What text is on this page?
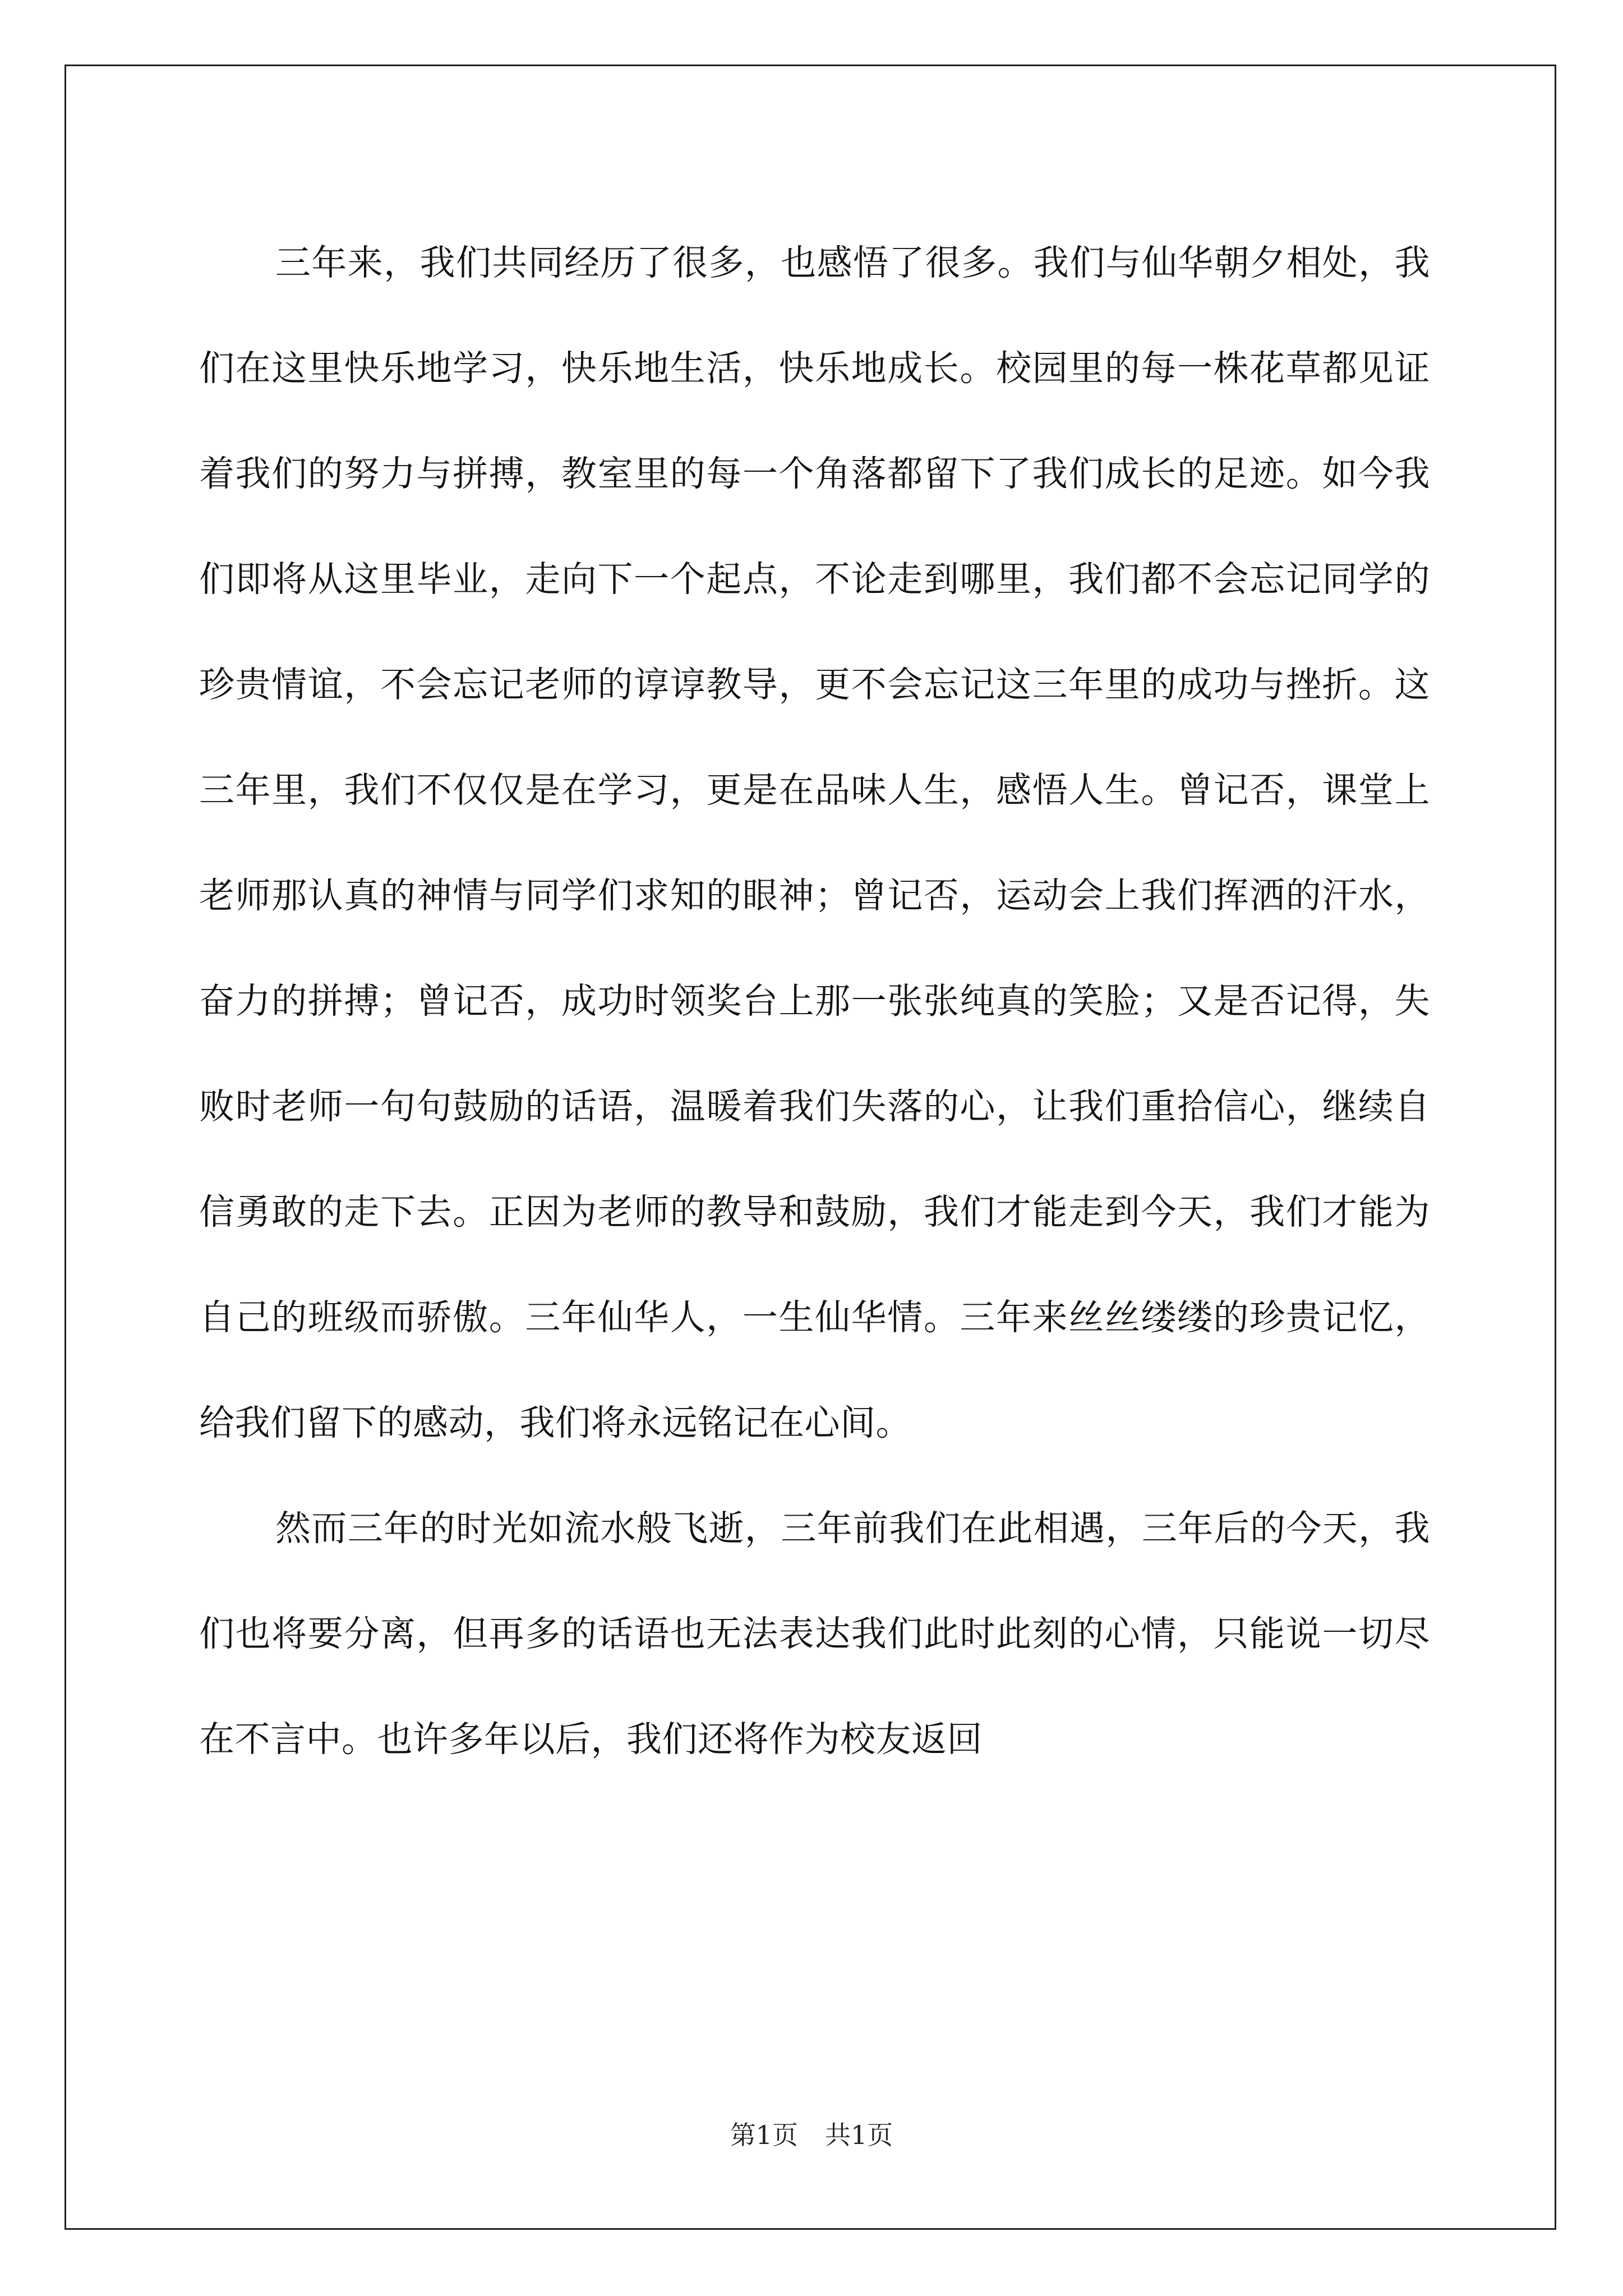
三年来，我们共同经历了很多，也感悟了很多。我们与仙华朝夕相处，我们在这里快乐地学习，快乐地生活，快乐地成长。校园里的每一株花草都见证着我们的努力与拼搏，教室里的每一个角落都留下了我们成长的足迹。如今我们即将从这里毕业，走向下一个起点，不论走到哪里，我们都不会忘记同学的珍贵情谊，不会忘记老师的谆谆教导，更不会忘记这三年里的成功与挫折。这三年里，我们不仅仅是在学习，更是在品味人生，感悟人生。曾记否，课堂上老师那认真的神情与同学们求知的眼神；曾记否，运动会上我们挥洒的汗水，奋力的拼搏；曾记否，成功时领奖台上那一张张纯真的笑脸；又是否记得，失败时老师一句句鼓励的话语，温暖着我们失落的心，让我们重拾信心，继续自信勇敢的走下去。正因为老师的教导和鼓励，我们才能走到今天，我们才能为自己的班级而骄傲。三年仙华人，一生仙华情。三年来丝丝缕缕的珍贵记忆，给我们留下的感动，我们将永远铭记在心间。

然而三年的时光如流水般飞逝，三年前我们在此相遇，三年后的今天，我们也将要分离，但再多的话语也无法表达我们此时此刻的心情，只能说一切尽在不言中。也许多年以后，我们还将作为校友返回

第1页 共1页
